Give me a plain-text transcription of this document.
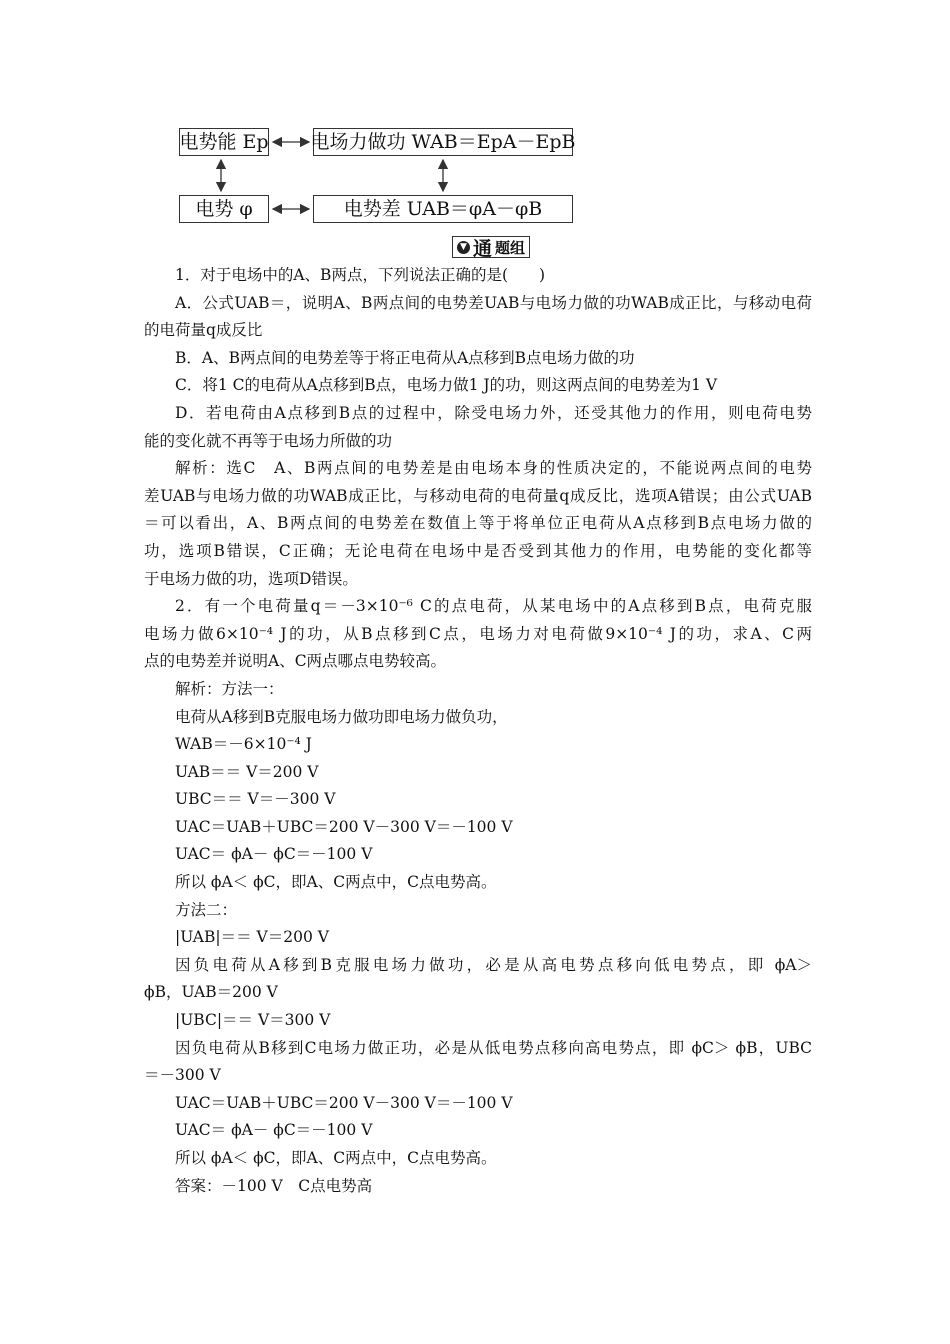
电势能 Ep 电场力做功 WAB＝EpA－EpB
电势 φ	电势差 UAB＝φA－φB
▼ 通 题组

1．对于电场中的A、B两点，下列说法正确的是(　　)

A．公式UAB＝，说明A、B两点间的电势差UAB与电场力做的功WAB成正比，与移动电荷

的电荷量q成反比

B．A、B两点间的电势差等于将正电荷从A点移到B点电场力做的功

C．将1 C的电荷从A点移到B点，电场力做1 J的功，则这两点间的电势差为1 V

D．若电荷由A点移到B点的过程中，除受电场力外，还受其他力的作用，则电荷电势

能的变化就不再等于电场力所做的功

解析：选C　A、B两点间的电势差是由电场本身的性质决定的，不能说两点间的电势

差UAB与电场力做的功WAB成正比，与移动电荷的电荷量q成反比，选项A错误；由公式UAB

＝可以看出，A、B两点间的电势差在数值上等于将单位正电荷从A点移到B点电场力做的

功，选项B错误，C正确；无论电荷在电场中是否受到其他力的作用，电势能的变化都等

于电场力做的功，选项D错误。

2．有一个电荷量q＝－3×10⁻⁶ C的点电荷，从某电场中的A点移到B点，电荷克服

电场力做6×10⁻⁴ J的功，从B点移到C点，电场力对电荷做9×10⁻⁴ J的功，求A、C两

点的电势差并说明A、C两点哪点电势较高。

解析：方法一：

电荷从A移到B克服电场力做功即电场力做负功，

WAB＝－6×10⁻⁴ J

UAB＝＝ V＝200 V

UBC＝＝ V＝－300 V

UAC＝UAB＋UBC＝200 V－300 V＝－100 V

UAC＝ ϕA－ ϕC＝－100 V

所以 ϕA＜ ϕC，即A、C两点中，C点电势高。

方法二：

|UAB|＝＝ V＝200 V

因负电荷从A移到B克服电场力做功，必是从高电势点移向低电势点，即 ϕA＞

ϕB，UAB＝200 V

|UBC|＝＝ V＝300 V

因负电荷从B移到C电场力做正功，必是从低电势点移向高电势点，即 ϕC＞ ϕB，UBC

＝－300 V

UAC＝UAB＋UBC＝200 V－300 V＝－100 V

UAC＝ ϕA－ ϕC＝－100 V

所以 ϕA＜ ϕC，即A、C两点中，C点电势高。

答案：－100 V　C点电势高
